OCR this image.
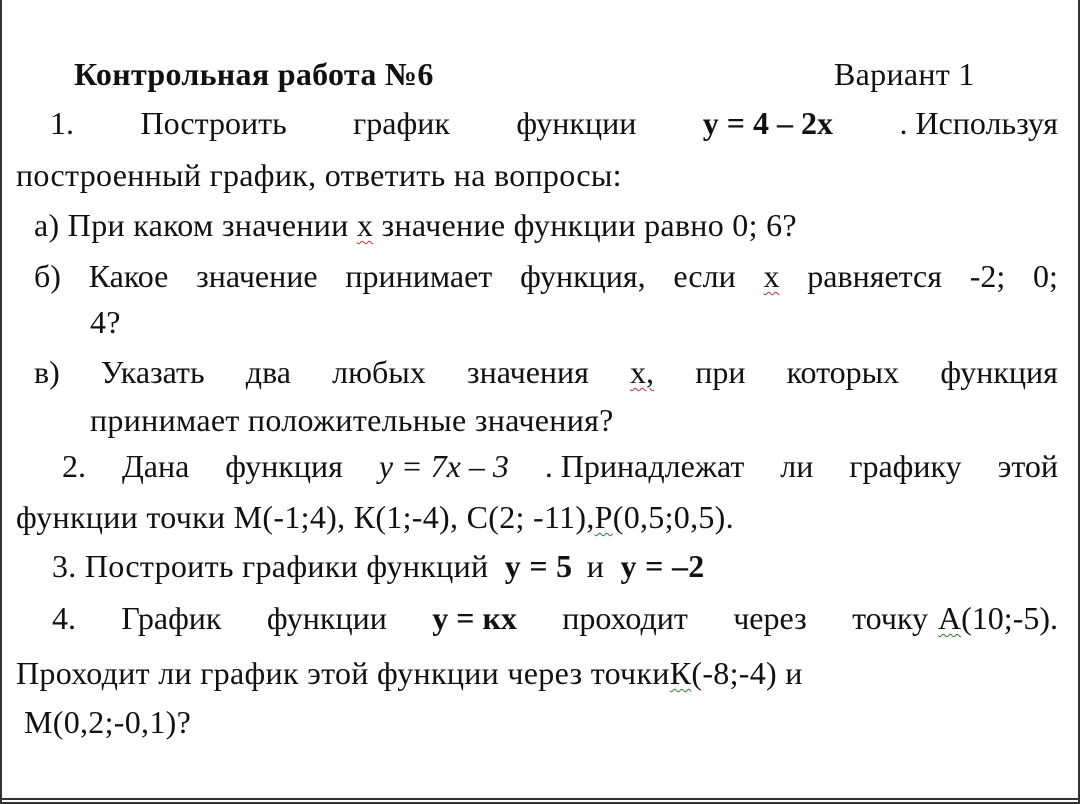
Контрольная работа №6	Вариант 1
1. Построить график функции y = 4 – 2x . Используя
построенный график, ответить на вопросы:
а) При каком значении х значение функции равно 0; 6?
б) Какое значение принимает функция, если х равняется -2; 0;
4?
в) Указать два любых значения х, при которых функция
принимает положительные значения?
2. Дана функция y = 7x – 3 . Принадлежат ли графику этой
функции точки М(-1;4), К(1;-4), С(2; -11),Р(0,5;0,5).
3. Построить графики функций y = 5 и y = –2
4. График функции y = кx проходит через точку А(10;-5).
Проходит ли график этой функции через точкиК(-8;-4) и
М(0,2;-0,1)?
